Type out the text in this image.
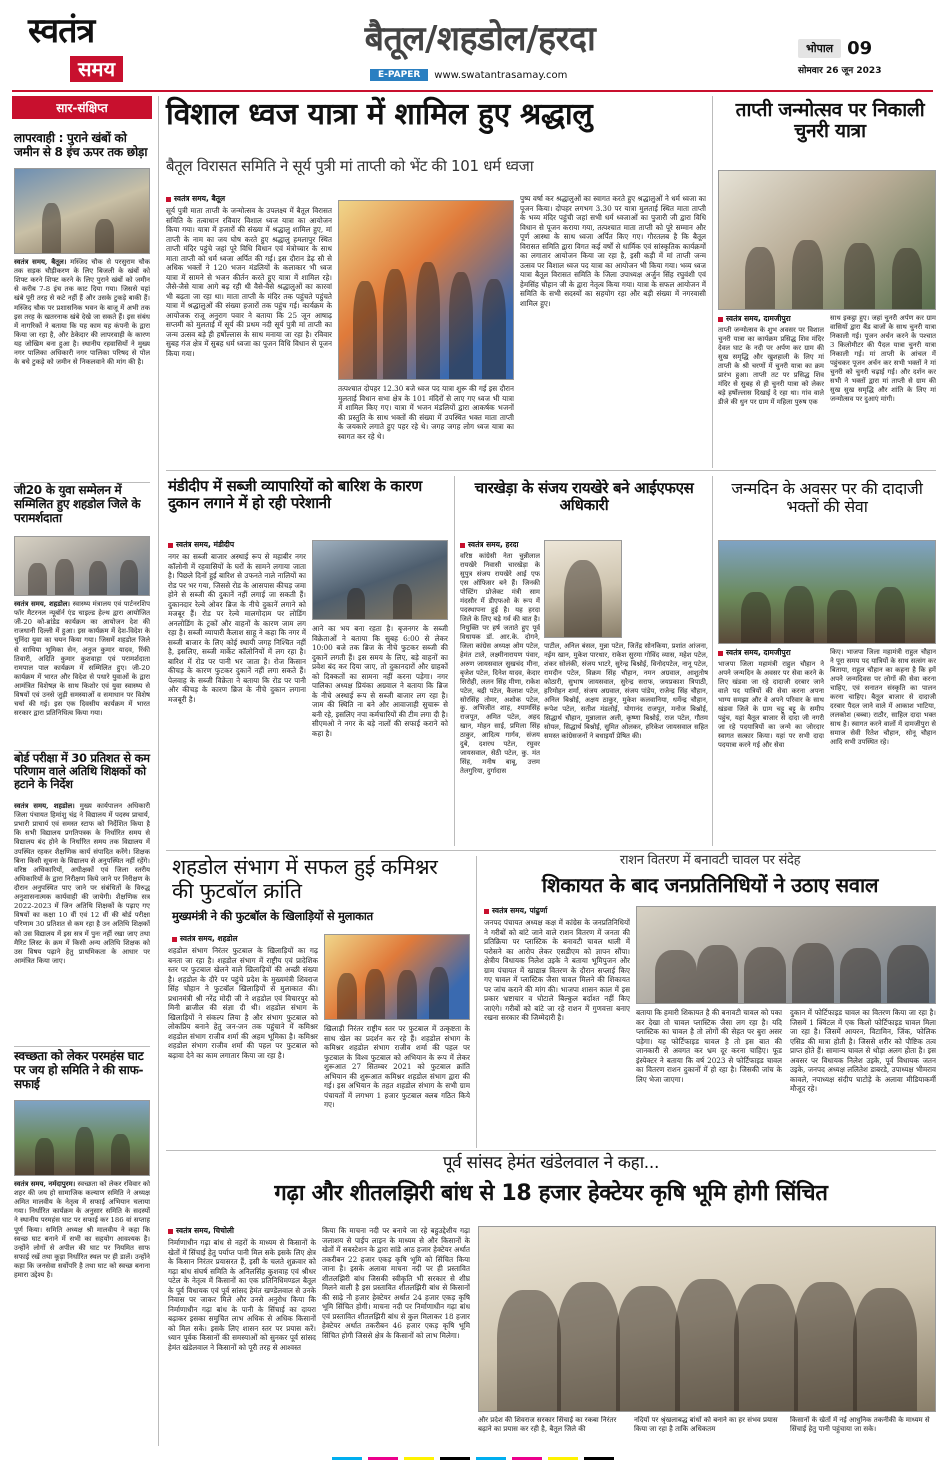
स्वतंत्र
समय
बैतूल/शहडोल/हरदा
E-PAPER	www.swatantrasamay.com
भोपाल 09
सोमवार 26 जून 2023
सार-संक्षिप्त
लापरवाही : पुराने खंबों को जमीन से 8 इंच ऊपर तक छोड़ा
स्वतंत्र समय, बैतूल। मस्जिद चौक से परसुराम चौक तक सड़क चौड़ीकरण के लिए बिजली के खंबों को शिफ्ट करने शिफ्ट करने के लिए पुराने खंबों को जमीन से करीब 7-8 इंच तक काट दिया गया। जिससे यहां खंबे पूरी तरह से कटे नहीं हैं और उसके टुकड़े बाकी हैं। मस्जिद चौक पर प्रशासनिक भवन के बाजू में अभी तक इस तरह के खतरनाक खंबे देखे जा सकते हैं। इस संबंध में नागरिकों ने बताया कि यह काम यह कंपनी के द्वारा किया जा रहा है, और ठेकेदार की लापरवाही के कारण यह जोखिम बना हुआ है। स्थानीय रहवासियों ने मुख्य नगर पालिका अधिकारी नगर पालिका परिषद से पोल के बचे टुकड़े को जमीन से निकलवाने की मांग की है।
जी20 के युवा सम्मेलन में सम्मिलित हुए शहडोल जिले के परामर्शदाता
स्वतंत्र समय, शहडोल। स्वास्थ्य मंत्रालय एवं पार्टनरशिप फॉर मैटरनल न्यूबॉर्न एंड चाइल्ड हेल्थ द्वारा आयोजित जी-20 को-ब्रांडेड कार्यक्रम का आयोजन देश की राजधानी दिल्ली में हुआ। इस कार्यक्रम में देश-विदेश के चुनिंदा युवा का चयन किया गया। जिसमें शहडोल जिले से साथिया भूमिका सेन, अनुज कुमार यादव, रिंकी तिवारी, अदिति कुमार कुशवाहा एवं परामर्शदाता रामपाल पाल कार्यक्रम में सम्मिलित हुए। जी-20 कार्यक्रम में भारत और विदेश से पधारे युवाओं के द्वारा आमंत्रित विशेषज्ञ के साथ किशोर एवं युवा स्वास्थ्य से विषयों एवं उनसे जुड़ी समस्याओं व समाधान पर विशेष चर्चा की गई। इस एक दिवसीय कार्यक्रम में भारत सरकार द्वारा प्रतिनिधित्व किया गया।
बोर्ड परीक्षा में 30 प्रतिशत से कम परिणाम वाले अतिथि शिक्षकों को हटाने के निर्देश
स्वतंत्र समय, शहडोल। मुख्य कार्यपालन अधिकारी जिला पंचायत हिमांशु चंद्र ने विद्यालय में पदस्थ प्राचार्य, प्रभारी प्राचार्य एवं समस्त स्टाफ को निर्देशित किया है कि सभी विद्यालय प्रगतिपत्रक के निर्धारित समय से विद्यालय बंद होने के निर्धारित समय तक विद्यालय में उपस्थित रहकर शैक्षणिक कार्य संपादित करेंगे। शिक्षक बिना किसी सूचना के विद्यालय से अनुपस्थित नहीं रहेंगे। वरिष्ठ अधिकारियों, अधीक्षकों एवं जिला स्तरीय अधिकारियों के द्वारा निरीक्षण किये जाने पर निरीक्षण के दौरान अनुपस्थित पाए जाने पर संबंधितों के विरुद्ध अनुशासनात्मक कार्यवाही की जायेगी। शैक्षणिक सत्र 2022-2023 में जिन अतिथि शिक्षकों के पढ़ाए गए विषयों का कक्षा 10 वीं एवं 12 वीं की बोर्ड परीक्षा परिणाम 30 प्रतिशत से कम रहा है उन अतिथि शिक्षकों को उस विद्यालय में इस सत्र में पुनः नहीं रखा जाए तथा मैरिट लिस्ट के क्रम में किसी अन्य अतिथि शिक्षक को उस विषय पढ़ाने हेतु प्राथमिकता के आधार पर आमंत्रित किया जाए।
स्वच्छता को लेकर परमहंस घाट पर जय हो समिति ने की साफ-सफाई
स्वतंत्र समय, नर्मदापुरम। स्वच्छता को लेकर रविवार को शहर की जय हो सामाजिक कल्याण समिति ने अध्यक्ष अमित मालवीय के नेतृत्व में सफाई अभियान चलाया गया। निर्धारित कार्यक्रम के अनुसार समिति के सदस्यों ने स्थानीय परमहंस घाट पर सफाई कर 186 वां सप्ताह पूर्ण किया। समिति अध्यक्ष श्री मालवीय ने कहा कि स्वच्छ घाट बनाने में सभी का सहयोग आवश्यक है। उन्होंने लोगों से अपील की घाट पर नियमित साफ सफाई रखें तथा कूड़ा निर्धारित स्थल पर ही डालें। उन्होंने कहा कि जनसेवा सर्वोपरि है तथा घाट को स्वच्छ बनाना हमारा उद्देश्य है।
विशाल ध्वज यात्रा में शामिल हुए श्रद्धालु
बैतूल विरासत समिति ने सूर्य पुत्री मां ताप्ती को भेंट की 101 धर्म ध्वजा
स्वतंत्र समय, बैतूल
सूर्य पुत्री माता ताप्ती के जन्मोत्सव के उपलक्ष्य में बैतूल विरासत समिति के तत्वाधान रविवार विशाल ध्वज यात्रा का आयोजन किया गया। यात्रा में हजारों की संख्या में श्रद्धालु शामिल हुए, मां ताप्ती के नाम का जय घोष करते हुए श्रद्धालु हमलापुर स्थित ताप्ती मंदिर पहुंचे जहां पूरे विधि विधान एवं मंत्रोच्चार के साथ माता ताप्ती को धर्म ध्वजा अर्पित की गई। इस दौरान डेढ़ सौ से अधिक भक्तों ने 120 भजन मंडलियों के कलाकार भी ध्वज यात्रा में सामने से भजन कीर्तन करते हुए यात्रा में शामिल रहे। जैसे-जैसे यात्रा आगे बढ़ रही थी वैसे-वैसे श्रद्धालुओं का कारवां भी बढ़ता जा रहा था। माता ताप्ती के मंदिर तक पहुंचते पहुंचते यात्रा में श्रद्धालुओं की संख्या हजारों तक पहुंच गई। कार्यक्रम के आयोजक राजू अनुराग पवार ने बताया कि 25 जून आषाढ़ सप्तमी को मुलताई में सूर्य की प्रथम नदी सूर्य पुत्री मां ताप्ती का जन्म उत्सव बड़े ही हर्षोल्लास के साथ मनाया जा रहा है। रविवार सुबह गंज क्षेत्र में सुबह धर्म ध्वजा का पूजन विधि विधान से पूजन किया गया।
तत्पश्चात दोपहर 12.30 बजे ध्वज पद यात्रा शुरू की गई इस दौरान मुलताई विधान सभा क्षेत्र के 101 मंदिरों से लाए गए ध्वज भी यात्रा में शामिल किए गए। यात्रा में भजन मंडलियों द्वारा आकर्षक भजनों की प्रस्तुति के साथ भक्तों की संख्या में उपस्थित भक्त माता ताप्ती के जयकारे लगाते हुए पहर रहे थे। जगह जगह लोग ध्वज यात्रा का स्वागत कर रहे थे।
पुष्प वर्षा कर श्रद्धालुओं का स्वागत करते हुए श्रद्धालुओं ने धर्म ध्वजा का पूजन किया। दोपहर लगभग 3.30 पर यात्रा मुलताई स्थित माता ताप्ती के भव्य मंदिर पहुंची जहां सभी धर्म ध्वजाओं का पुजारी जी द्वारा विधि विधान से पूजन कराया गया, तत्पश्चात माता ताप्ती को पूरे सम्मान और पूर्ण आस्था के साथ ध्वजा अर्पित किए गए। गौरतलब है कि बैतूल विरासत समिति द्वारा विगत कई वर्षों से धार्मिक एवं सांस्कृतिक कार्यक्रमों का लगातार आयोजन किया जा रहा है, इसी कड़ी में मां ताप्ती जन्म उत्सव पर विशाल ध्वज पद यात्रा का आयोजन भी किया गया। भव्य ध्वज यात्रा बैतूल विरासत समिति के जिला उपाध्यक्ष अर्जुन सिंह रघुवंशी एवं हेमसिंह चौहान जी के द्वारा नेतृत्व किया गया। यात्रा के सफल आयोजन में समिति के सभी सदस्यों का सहयोग रहा और बड़ी संख्या में नगरवासी शामिल हुए।
ताप्ती जन्मोत्सव पर निकाली चुनरी यात्रा
स्वतंत्र समय, दामजीपुरा
ताप्ती जन्मोत्सव के शुभ अवसर पर विशाल चुनरी यात्रा का कार्यक्रम प्रसिद्ध शिव मंदिर देवल घाट के नदी पर अर्पण कर ग्राम की सुख समृद्धि और खुशहाली के लिए मां ताप्ती के श्री चरणों में चुनरी यात्रा का क्रम प्रारंभ हुआ। ताप्ती तट पर प्रसिद्ध शिव मंदिर से सुबह से ही चुनरी यात्रा को लेकर बड़े हर्षोल्लास दिखाई दे रहा था। गांव वाले डीजे की धुन पर ग्राम में महिला पुरुष एक
साथ इकट्ठा हुए। जहां चुनरी अर्पण कर ग्राम वासियों द्वारा बैंड बाजों के साथ चुनरी यात्रा निकाली गई। पूजन अर्चन करने के पश्चात 3 किलोमीटर की पैदल यात्रा चुनरी यात्रा निकाली गई। मां ताप्ती के आंचल में पहुंचकर पूजन अर्चन कर सभी भक्तों ने मां चुनरी को चुनरी चढ़ाई गई। और दर्शन कर सभी ने भक्तों द्वारा मां ताप्ती से ग्राम की सुख सुख समृद्धि और शांति के लिए मां जन्मोत्सव पर दुआएं मांगी।
मंडीदीप में सब्जी व्यापारियों को बारिश के कारण दुकान लगाने में हो रही परेशानी
स्वतंत्र समय, मंडीदीप
नगर का सब्जी बाजार अस्थाई रूप से महाबीर नगर कॉलोनी में रहवासियों के घरों के सामने लगाया जाता है। पिछले दिनों हुई बारिश से उफनते नाले नालियों का रोड पर भर गया, जिससे रोड के आसपास कीचड़ जमा होने से सब्जी की दुकानें नहीं लगाई जा सकती हैं। दुकानदार रेल्वे ओवर ब्रिज के नीचे दुकानें लगाने को मजबूर हैं। रोड पर रेल्वे मालगोदाम पर लोडिंग अनलोडिंग के ट्रकों और वाहनों के कारण जाम लग रहा है। सब्जी व्यापारी कैलाश साहू ने कहा कि नगर में सब्जी बाजार के लिए कोई स्थायी जगह निश्चित नहीं है, इसलिए, सब्जी मार्केट कॉलोनियों में लग रहा है। बारिश में रोड पर पानी भर जाता है। रोज किसान कीचड़ के कारण फुटकर दुकानें नहीं लगा सकते हैं। पेलवाह के सब्जी विक्रेता ने बताया कि रोड पर पानी और कीचड़ के कारण ब्रिज के नीचे दुकान लगाना मजबूरी है।
आने का भय बना रहता है। बृजनगर के सब्जी विक्रेताओं ने बताया कि सुबह 6:00 से लेकर 10:00 बजे तक ब्रिज के नीचे फुटकर सब्जी की दुकानें लगती हैं। इस समय के लिए, बड़े वाहनों का प्रवेश बंद कर दिया जाए, तो दुकानदारों और ग्राहकों को दिक्कतों का सामना नहीं करना पड़ेगा। नगर पालिका अध्यक्ष प्रियंका अग्रवाल ने बताया कि ब्रिज के नीचे अस्थाई रूप से सब्जी बाजार लग रहा है। जाम की स्थिति ना बने और आवाजाही सुचारू से बनी रहे, इसलिए नपा कर्मचारियों की टीम लगा दी है। सीएमओ ने नगर के बड़े नालों की सफाई कराने को कहा है।
चारखेड़ा के संजय रायखेरे बने आईएफएस अधिकारी
स्वतंत्र समय, हरदा
वरिष्ठ कांग्रेसी नेता चुन्नीलाल रायखेरे निवासी चारखेड़ा के सुपुत्र संजय रायखेरे आई एफ एस ऑफिसर बने हैं। जिनकी पोस्टिंग प्रोजेक्ट मंत्री साम मंदसौर में डीएफओ के रूप में पदस्थापना हुई है। यह हरदा जिले के लिए बड़े गर्व की बात है। नियुक्ति पर हर्ष जताते हुए पूर्व विधायक डॉ. आर.के. दोगने, जिला कांग्रेस अध्यक्ष ओम पटेल, हेमंत टाले, लक्ष्मीनारायण पंवार, अरुण जायसवाल सुखचंद मीना, बृजेश पटेल, दिनेश यादव, केदार सिरोही, ललन सिंह मीणा, राकेश पटेल, बद्री पटेल, कैलाश पटेल, सोरसिंह तोमर, अशोक पटेल, कु. अभिजीत शाह, श्यामसिंह राजपूत, अमित पटेल, अहद खान, मोहन साई, प्रमिला सिंह ठाकुर, आदित्य गार्गव, संजय दुबे, दशरथ पटेल, रघुवर जायसवाल, सेठी पटेल, कु. मंत सिंह, मनीष बाबू, उत्तम तेलगुरिया, दुर्गादास
पाटील, अनिल बंसल, मुन्ना पटेल, जितेंद्र सोनकिया, प्रशांत आंजना, नईम खान, मुकेश पारथार, राकेश सुरमा गोविंद व्यास, महेश पटेल, शंकर सोलंकी, संजय भाटरे, सुरेन्द्र बिश्नोई, विनोदपटेल, नानू पटेल, रामदीन पटेल, विक्रम सिंह चौहान, नमन अग्रवाल, आशुतोष कोठारी, सुभाष जायसवाल, सुरेन्द्र सराफ, जयप्रकाश त्रिपाठी, हरिमोहन शर्मा, संजय अग्रवाल, संजय पांडेय, राजेन्द्र सिंह चौहान, अनिल बिश्नोई, अक्षय ठाकुर, मुकेश कलवानिया, धर्मेन्द्र चौहान, रूपेश पटेल, सतीश मंडलोई, योगानंद राजपूत, मनोज बिश्नोई, सिद्धार्थ चौहान, मुन्नालाल अली, कृष्णा बिश्नोई, राज पटेल, गौतम सोयल, सिद्धार्थ बिश्नोई, सुमित ओलकर, हरिकेश जायसवाल सहित समस्त कांग्रेसजनों ने बधाइयाँ प्रेषित की।
जन्मदिन के अवसर पर की दादाजी भक्तों की सेवा
स्वतंत्र समय, दामजीपुरा
भाजपा जिला महामंत्री राहुल चौहान ने अपने जन्मदिन के अवसर पर सेवा करने के लिए खंडवा जा रहे दादाजी दरबार जाने वाले पद यात्रियों की सेवा करना अपना भाग्य समझा और वे अपने परिवार के साथ खंडवा जिले के ग्राम चट्टू बट्टू के समीप पहुंच, यहां बैतूल बाजार से दादा जी नगरी जा रहे पदयात्रियों का जन्मे का जोरदार स्वागत सत्कार किया। यहां पर सभी दादा पदयात्रा करने गई और सेवा
किए। भाजपा जिला महामंत्री राहुल चौहान ने पूरा समय पद यात्रियों के साथ सत्संग कर बिताया, राहुल चौहान का कहना है कि हमें अपने जन्मदिवस पर लोगों की सेवा करना चाहिए, एवं सनातन संस्कृति का पालन करना चाहिए। बैतूल बाजार से दादाजी दरबार पैदल जाने वाले में आकाश भाटिया, ललकोश (बब्बा) राठौर, साहिल दादा भक्त साथ है। स्वागत करने वालों में दामजीपुरा से समाज सेवी रितेश चौहान, सोनू चौहान आदि सभी उपस्थित रहे।
शहडोल संभाग में सफल हुई कमिश्नर की फुटबॉल क्रांति
मुख्यमंत्री ने की फुटबॉल के खिलाड़ियों से मुलाकात
स्वतंत्र समय, शहडोल
शहडोल संभाग निरंतर फुटबाल के खिलाड़ियों का गढ़ बनता जा रहा है। शहडोल संभाग में राष्ट्रीय एवं प्रादेशिक स्तर पर फुटबाल खेलने वाले खिलाड़ियों की अच्छी संख्या है। शहडोल के दौरे पर पहुंचे प्रदेश के मुख्यमंत्री शिवराज सिंह चौहान ने फुटबॉल खिलाड़ियों से मुलाकात की। प्रधानमंत्री श्री नरेंद्र मोदी जी ने शहडोल एवं विचारपुर को मिनी ब्राजील की संज्ञा दी थी। शहडोल संभाग के खिलाड़ियों ने संकल्प लिया है और संभाग फुटबाल को लोकप्रिय बनाने हेतु जन-जन तक पहुंचाने में कमिश्नर शहडोल संभाग राजीव शर्मा की अहम भूमिका है। कमिश्नर शहडोल संभाग राजीव शर्मा की पहल पर फुटबाल को बढ़ावा देने का काम लगातार किया जा रहा है।
खिलाड़ी निरंतर राष्ट्रीय स्तर पर फुटबाल में उत्कृष्टता के साथ खेल का प्रदर्शन कर रहे हैं। शहडोल संभाग के कमिश्नर शहडोल संभाग राजीव शर्मा की पहल पर फुटबाल के विश्व फुटबाल को अभियान के रूप में लेकर शुरूआत 27 सितम्बर 2021 को फुटबाल क्रांति अभियान की शुरूआत कमिश्नर शहडोल संभाग द्वारा की गई। इस अभियान के तहत शहडोल संभाग के सभी ग्राम पंचायतों में लगभग 1 हजार फुटबाल क्लब गठित किये गए।
राशन वितरण में बनावटी चावल पर संदेह
शिकायत के बाद जनप्रतिनिधियों ने उठाए सवाल
स्वतंत्र समय, पांढुर्णा
जनपद पंचायत अध्यक्ष कक्ष में कांग्रेस के जनप्रतिनिधियों ने गरीबों को बांटे जाने वाले राशन वितरण में जनता की प्रतिक्रिया पर प्लास्टिक के बनावटी चावल थाली में परोसने का आरोप लेकर एसडीएम को ज्ञापन सौंपा। क्षेत्रीय विधायक निलेश उइके ने बताया भूमिपुजन और ग्राम पंचायत में खाद्यान्न वितरण के दौरान सप्लाई किए गए चावल में प्लास्टिक जैसा चावल मिलने की शिकायत पर जांच कराने की मांग की। भाजपा शासन काल में इस प्रकार भ्रष्टाचार व घोटाले बिल्कुल बर्दाश्त नहीं किए जाएंगे। गरीबों को बांटे जा रहे राशन में गुणवत्ता बनाए रखना सरकार की जिम्मेदारी है।
बताया कि हमारी शिकायत है की बनावटी चावल को पका कर देखा तो चावल प्लास्टिक जैसा लग रहा है। यदि प्लास्टिक का चावल है तो लोगों की सेहत पर बुरा असर पड़ेगा। यह फोर्टिफाइड चावल है तो इस बात की जानकारी से अवगत कर भ्रम दूर करना चाहिए। फूड इंस्पेक्टर ने बताया कि वर्ष 2023 से फोर्टिफाइड चावल का वितरण राशन दुकानों में हो रहा है। जिसकी जांच के लिए भेजा जाएगा।
दुकान में फोर्टिफाइड चावल का वितरण किया जा रहा है। जिसमें 1 क्विंटल में एक किलो फोर्टिफाइड चावल मिला जा रहा है। जिसमें आयरन, विटामिन, जिंक, फोलिक एसिड की मात्रा होती है। जिससे शरीर को पौष्टिक तत्व प्राप्त होते हैं। सामान्य चावल से थोड़ा अलग होता है। इस अवसर पर विधायक निलेश उइके, पूर्व विधायक जतन उइके, जनपद अध्यक्ष ललितेश डाबरडे, उपाध्यक्ष भीमराव कावले, नपाध्यक्ष संदीप घाटोड़े के अलावा मीडियाकर्मी मौजूद रहे।
पूर्व सांसद हेमंत खंडेलवाल ने कहा...
गढ़ा और शीतलझिरी बांध से 18 हजार हेक्टेयर कृषि भूमि होगी सिंचित
स्वतंत्र समय, चिचोली
निर्माणाधीन गढ़ा बांध से नहरों के माध्यम से किसानों के खेतों में सिंचाई हेतु पर्याप्त पानी मिल सके इसके लिए क्षेत्र के किसान निरंतर प्रयासरत हैं, इसी के चलते शुक्रवार को गढ़ा बांध संघर्ष समिति के अनिलसिंह कुशवाह एवं श्रीधर पटेल के नेतृत्व में किसानों का एक प्रतिनिधिमण्डल बैतूल के पूर्व विधायक एवं पूर्व सांसद हेमंत खण्डेलवाल से उनके निवास पर जाकर मिले और उनसे अनुरोध किया कि निर्माणाधीन गढ़ा बांध के पानी के सिंचाई का दायरा बढ़ाकर इसका समुचित लाभ अधिक से अधिक किसानों को मिल सके। इसके लिए शासन स्तर पर प्रयास करें। ध्यान पूर्वक किसानों की समस्याओं को सुनकर पूर्व सांसद हेमंत खंडेलवाल ने किसानों को पूरी तरह से आश्वस्त
किया कि माचना नदी पर बनाये जा रहे बहुउद्देशीय गढ़ा जलाशय से पाईप लाइन के माध्यम से और किसानों के खेतों में सबस्टेशन के द्वारा सांडे आठ हजार हेक्टेयर अर्थात तकरीबन 22 हजार एकड़ कृषि भूमि को सिंचित किया जाना है। इसके अलावा माचना नदी पर ही प्रस्तावित शीतलझिरी बांध जिसकी स्वीकृति भी सरकार से शीघ्र मिलने वाली है इस प्रस्तावित शीतलझिरी बांध से किसानों की साढ़े नौ हजार हेक्टेयर अर्थात 24 हजार एकड़ कृषि भूमि सिंचित होगी। माचना नदी पर निर्माणाधीन गढ़ा बांध एवं प्रस्तावित शीतलझिरी बांध से कुल मिलाकर 18 हजार हेक्टेयर अर्थात तकरीबन 46 हजार एकड़ कृषि भूमि सिंचित होगी जिससे क्षेत्र के किसानों को लाभ मिलेगा।
और प्रदेश की शिवराज सरकार सिंचाई का रकबा निरंतर बढ़ाने का प्रयास कर रही है, बैतूल जिले की
नदियों पर श्रृंखलाबद्ध बांधों को बनाने का हर संभव प्रयास किया जा रहा है ताकि अधिकतम
किसानों के खेतों में नई आधुनिक तकनीकी के माध्यम से सिंचाई हेतु पानी पहुंचाया जा सके।
